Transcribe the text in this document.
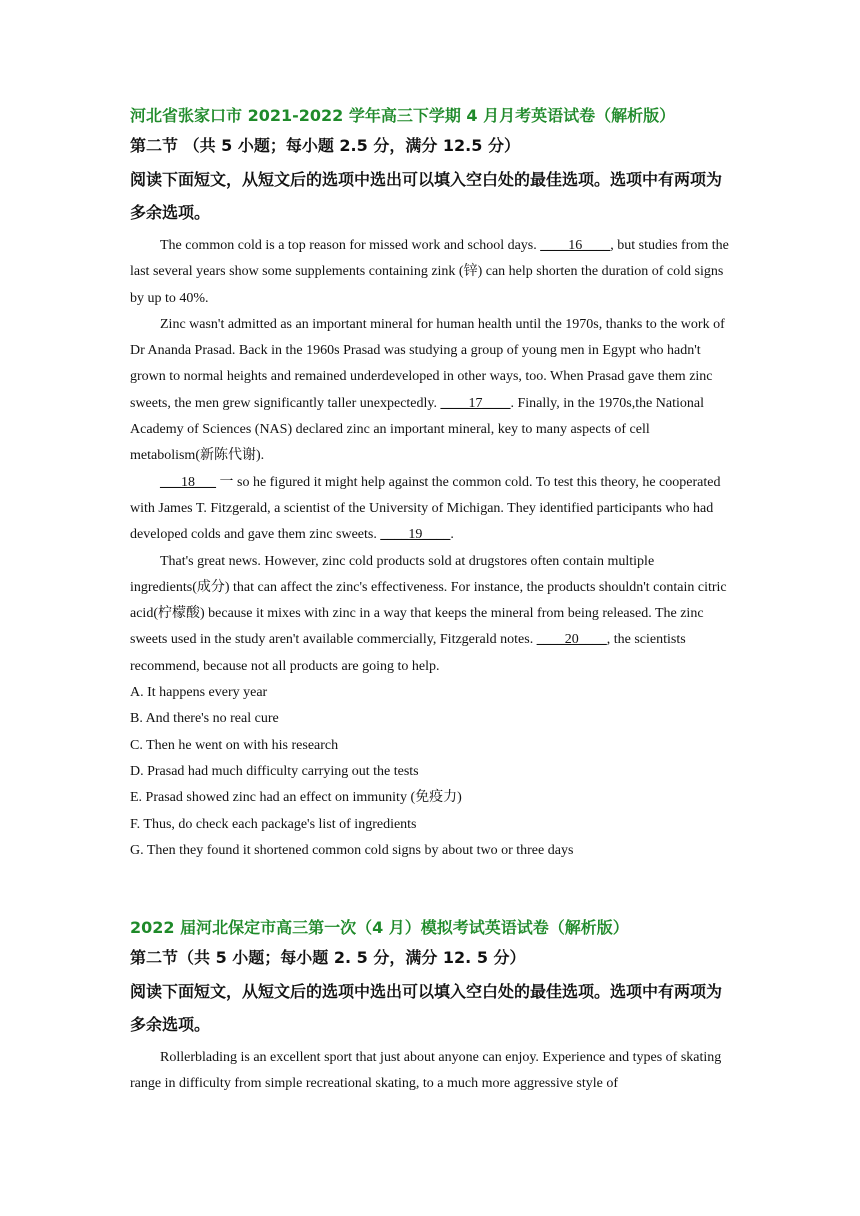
河北省张家口市 2021-2022 学年高三下学期 4 月月考英语试卷（解析版）

第二节 （共 5 小题；每小题 2.5 分，满分 12.5 分）

阅读下面短文，从短文后的选项中选出可以填入空白处的最佳选项。选项中有两项为多余选项。

The common cold is a top reason for missed work and school days. ____16____, but studies from the last several years show some supplements containing zink (锌) can help shorten the duration of cold signs by up to 40%.

Zinc wasn't admitted as an important mineral for human health until the 1970s, thanks to the work of Dr Ananda Prasad. Back in the 1960s Prasad was studying a group of young men in Egypt who hadn't grown to normal heights and remained underdeveloped in other ways, too. When Prasad gave them zinc sweets, the men grew significantly taller unexpectedly. ____17____. Finally, in the 1970s,the National Academy of Sciences (NAS) declared zinc an important mineral, key to many aspects of cell metabolism(新陈代谢).

___18___ 一 so he figured it might help against the common cold. To test this theory, he cooperated with James T. Fitzgerald, a scientist of the University of Michigan. They identified participants who had developed colds and gave them zinc sweets. ____19____.

That's great news. However, zinc cold products sold at drugstores often contain multiple ingredients(成分) that can affect the zinc's effectiveness. For instance, the products shouldn't contain citric acid(柠檬酸) because it mixes with zinc in a way that keeps the mineral from being released. The zinc sweets used in the study aren't available commercially, Fitzgerald notes. ____20____, the scientists recommend, because not all products are going to help.

A. It happens every year

B. And there's no real cure

C. Then he went on with his research

D. Prasad had much difficulty carrying out the tests

E. Prasad showed zinc had an effect on immunity (免疫力)

F. Thus, do check each package's list of ingredients

G. Then they found it shortened common cold signs by about two or three days

2022 届河北保定市高三第一次（4 月）模拟考试英语试卷（解析版）

第二节（共 5 小题；每小题 2. 5 分，满分 12. 5 分）

阅读下面短文，从短文后的选项中选出可以填入空白处的最佳选项。选项中有两项为多余选项。

Rollerblading is an excellent sport that just about anyone can enjoy. Experience and types of skating range in difficulty from simple recreational skating, to a much more aggressive style of
